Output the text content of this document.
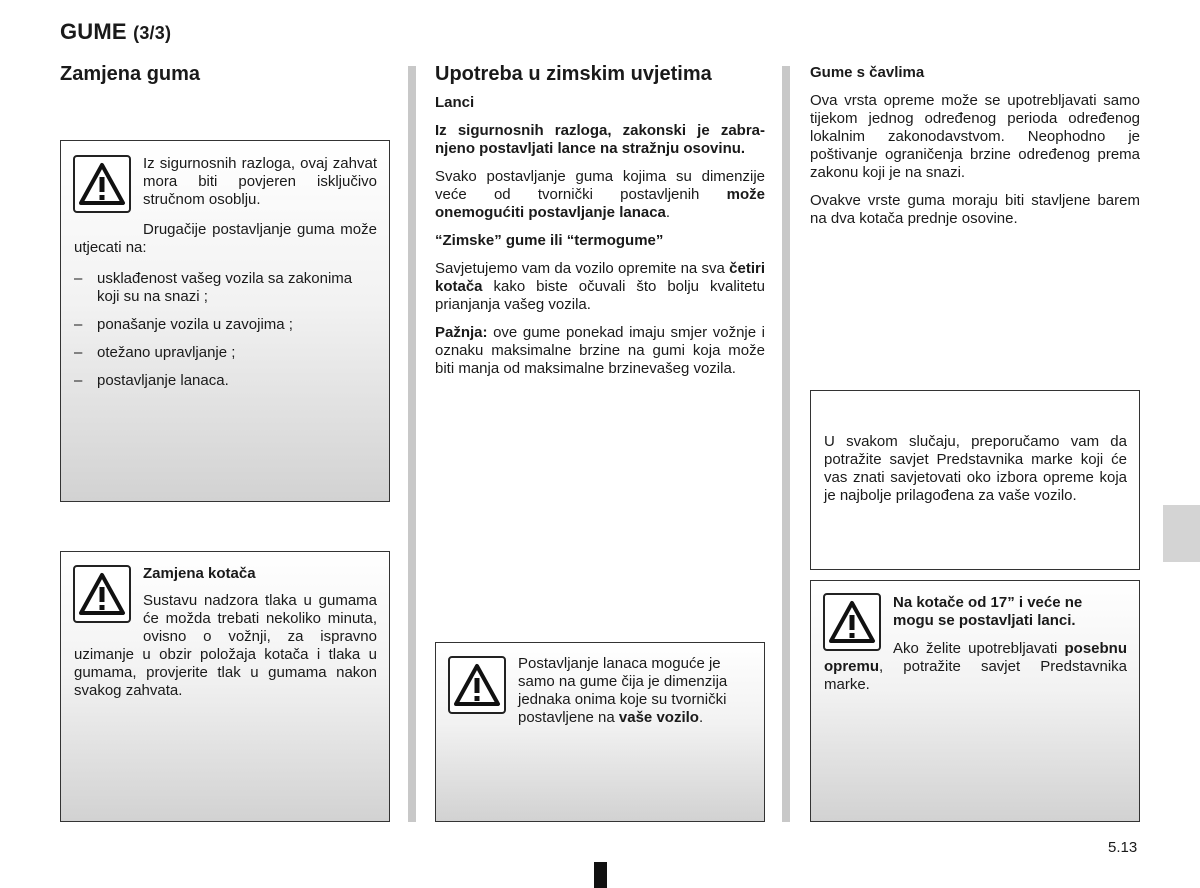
GUME (3/3)
Zamjena guma
Iz sigurnosnih razloga, ovaj zahvat mora biti povjeren isključivo stručnom osoblju.
Drugačije postavljanje guma može utjecati na:
– usklađenost vašeg vozila sa zakonima koji su na snazi ;
– ponašanje vozila u zavojima ;
– otežano upravljanje ;
– postavljanje lanaca.
Zamjena kotača
Sustavu nadzora tlaka u gumama će možda trebati nekoliko minuta, ovisno o vožnji, za ispravno uzimanje u obzir položaja kotača i tlaka u gumama, provjerite tlak u gumama nakon svakog zahvata.
Upotreba u zimskim uvjetima

Lanci

Iz sigurnosnih razloga, zakonski je zabranjeno postavljati lance na stražnju osovinu.

Svako postavljanje guma kojima su dimenzije veće od tvornički postavljenih može onemogućiti postavljanje lanaca.

“Zimske” gume ili “termogume”

Savjetujemo vam da vozilo opremite na sva četiri kotača kako biste očuvali što bolju kvalitetu prianjanja vašeg vozila.

Pažnja: ove gume ponekad imaju smjer vožnje i oznaku maksimalne brzine na gumi koja može biti manja od maksimalne brzinevašeg vozila.

Postavljanje lanaca moguće je samo na gume čija je dimenzija jednaka onima koje su tvornički postavljene na vaše vozilo.

Gume s čavlima

Ova vrsta opreme može se upotrebljavati samo tijekom jednog određenog perioda određenog lokalnim zakonodavstvom. Neophodno je poštivanje ograničenja brzine određenog prema zakonu koji je na snazi.

Ovakve vrste guma moraju biti stavljene barem na dva kotača prednje osovine.

U svakom slučaju, preporučamo vam da potražite savjet Predstavnika marke koji će vas znati savjetovati oko izbora opreme koja je najbolje prilagođena za vaše vozilo.
Na kotače od 17” i veće ne mogu se postavljati lanci.
Ako želite upotrebljavati posebnu opremu, potražite savjet Predstavnika marke.
5.13
